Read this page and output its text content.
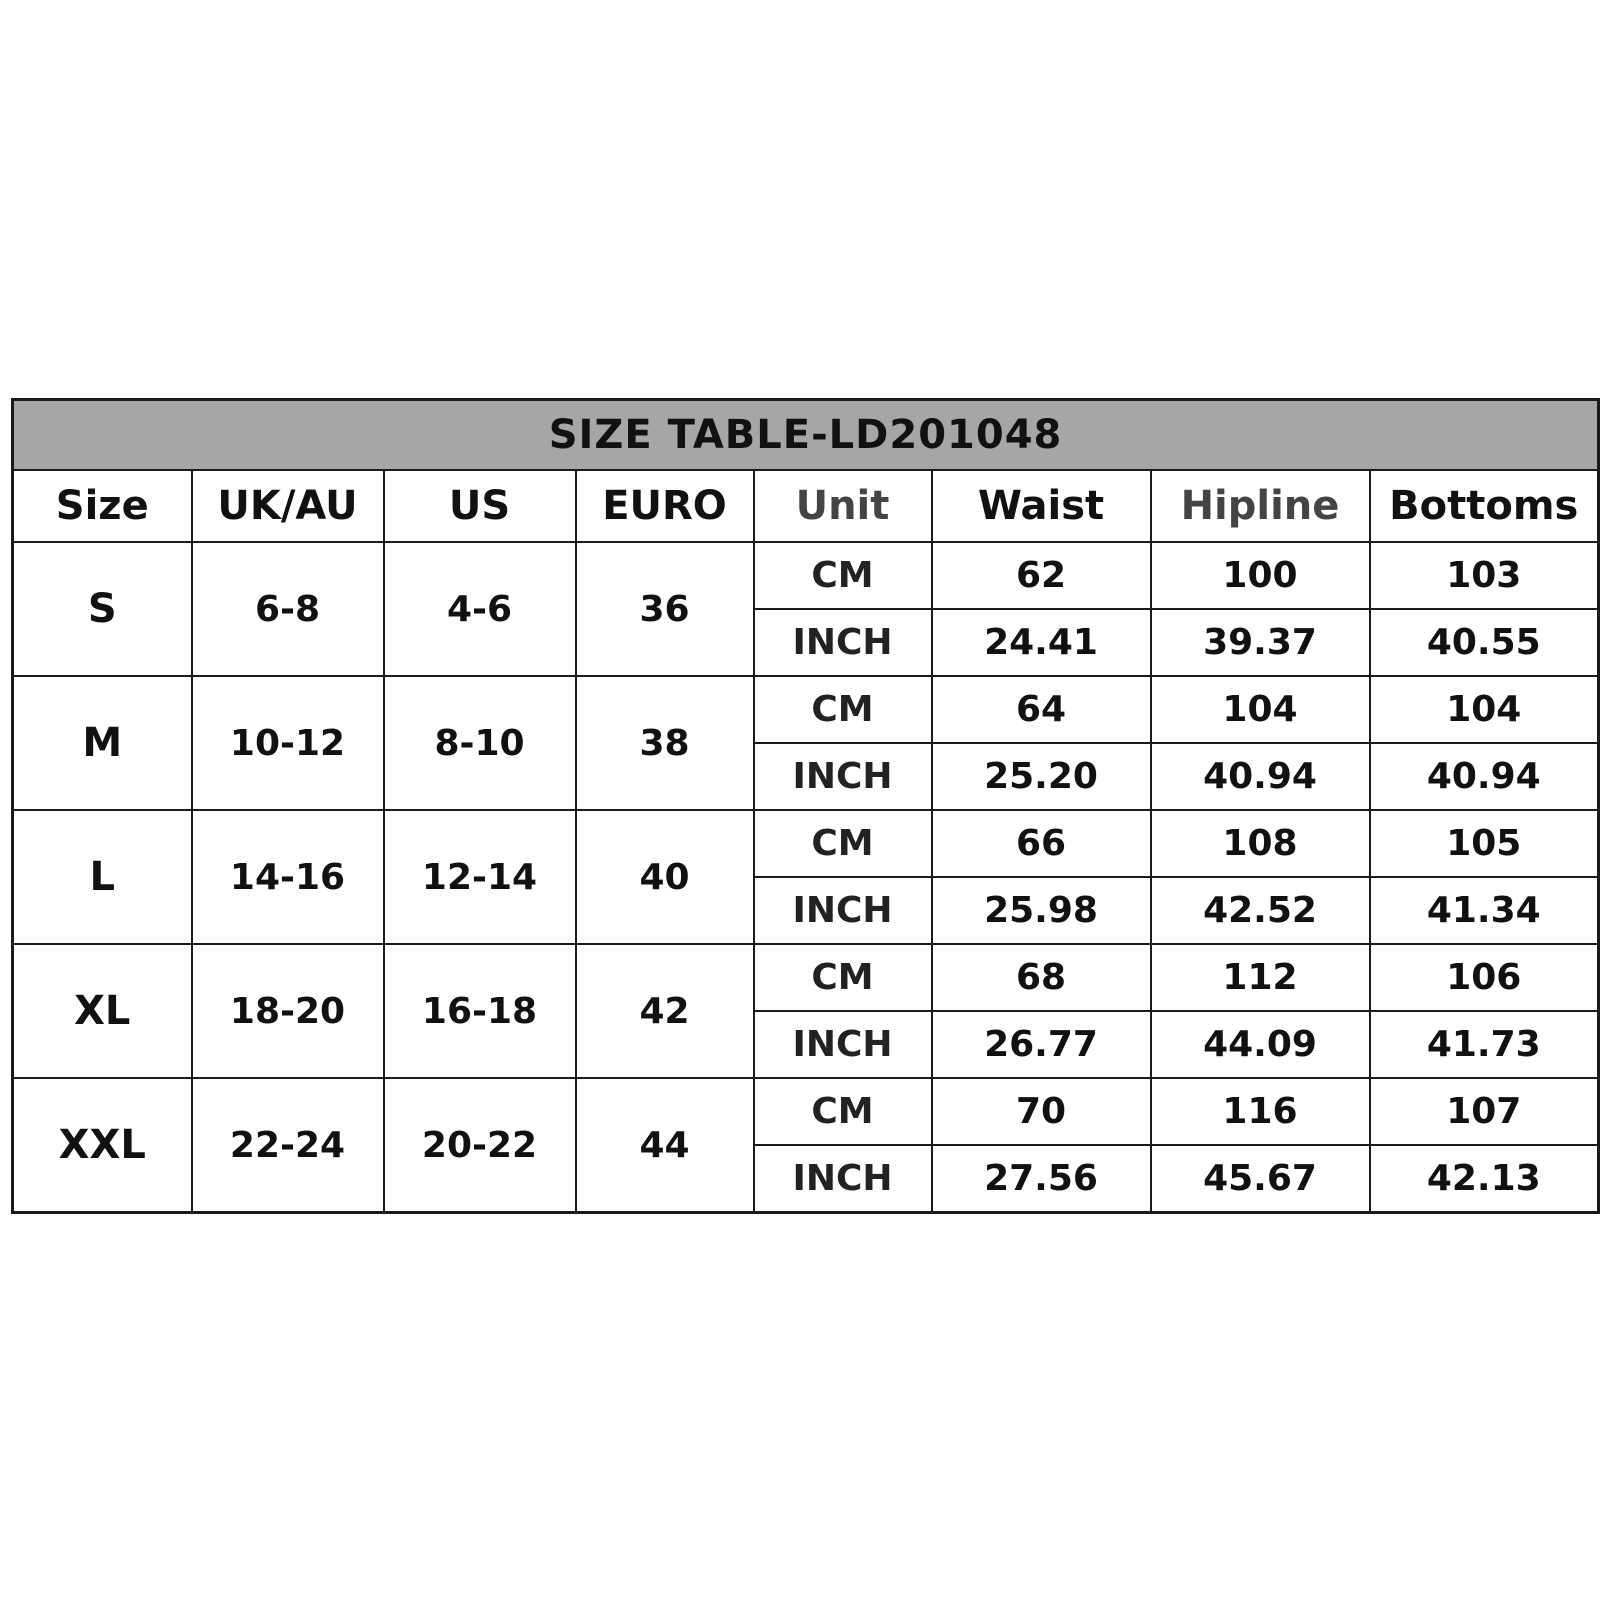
SIZE TABLE-LD201048							
Size	UK/AU	US	EURO	Unit	Waist	Hipline	Bottoms
S	6-8	4-6	36	CM	62	100	103
				INCH	24.41	39.37	40.55
M	10-12	8-10	38	CM	64	104	104
				INCH	25.20	40.94	40.94
L	14-16	12-14	40	CM	66	108	105
				INCH	25.98	42.52	41.34
XL	18-20	16-18	42	CM	68	112	106
				INCH	26.77	44.09	41.73
XXL	22-24	20-22	44	CM	70	116	107
				INCH	27.56	45.67	42.13
